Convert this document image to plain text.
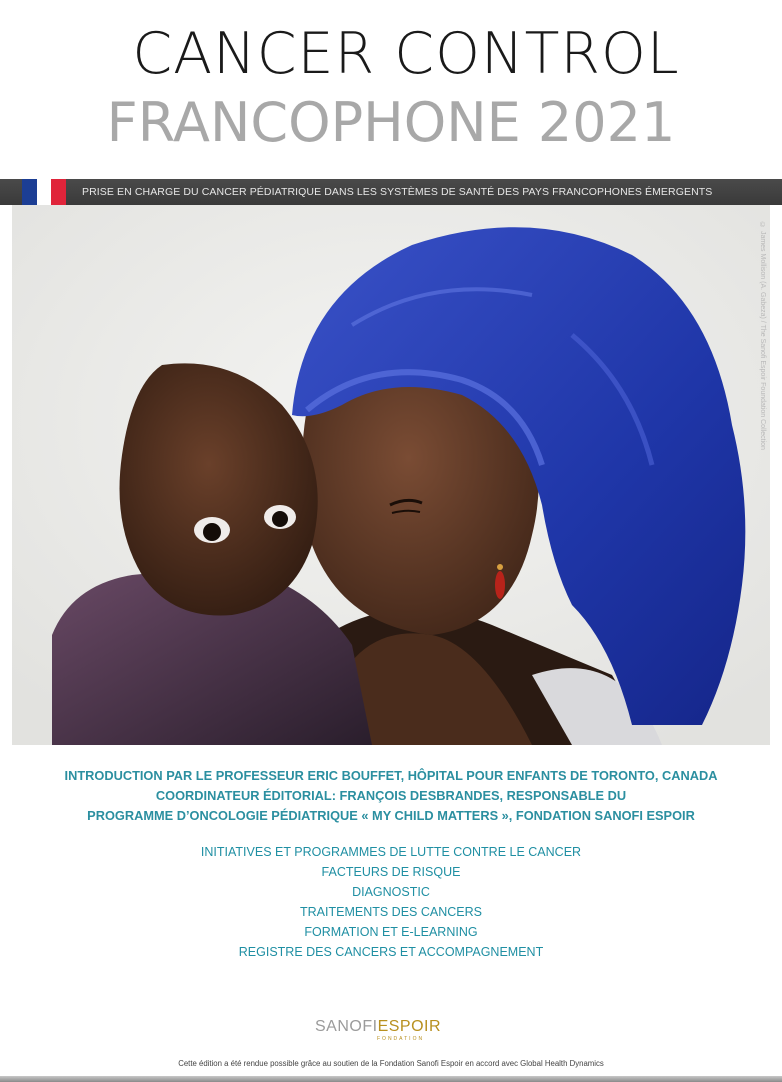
CANCER CONTROL
FRANCOPHONE 2021
PRISE EN CHARGE DU CANCER PÉDIATRIQUE DANS LES SYSTÈMES DE SANTÉ DES PAYS FRANCOPHONES ÉMERGENTS
© James Mollison (A. Gabeza) / The Sanofi Espoir Foundation Collection
INTRODUCTION PAR LE PROFESSEUR ERIC BOUFFET, HÔPITAL POUR ENFANTS DE TORONTO, CANADA
COORDINATEUR ÉDITORIAL: FRANÇOIS DESBRANDES, RESPONSABLE DU
PROGRAMME D’ONCOLOGIE PÉDIATRIQUE « MY CHILD MATTERS », FONDATION SANOFI ESPOIR
INITIATIVES ET PROGRAMMES DE LUTTE CONTRE LE CANCER
FACTEURS DE RISQUE
DIAGNOSTIC
TRAITEMENTS DES CANCERS
FORMATION ET E-LEARNING
REGISTRE DES CANCERS ET ACCOMPAGNEMENT
SANOFIESPOIR
FONDATION
Cette édition a été rendue possible grâce au soutien de la Fondation Sanofi Espoir en accord avec Global Health Dynamics
